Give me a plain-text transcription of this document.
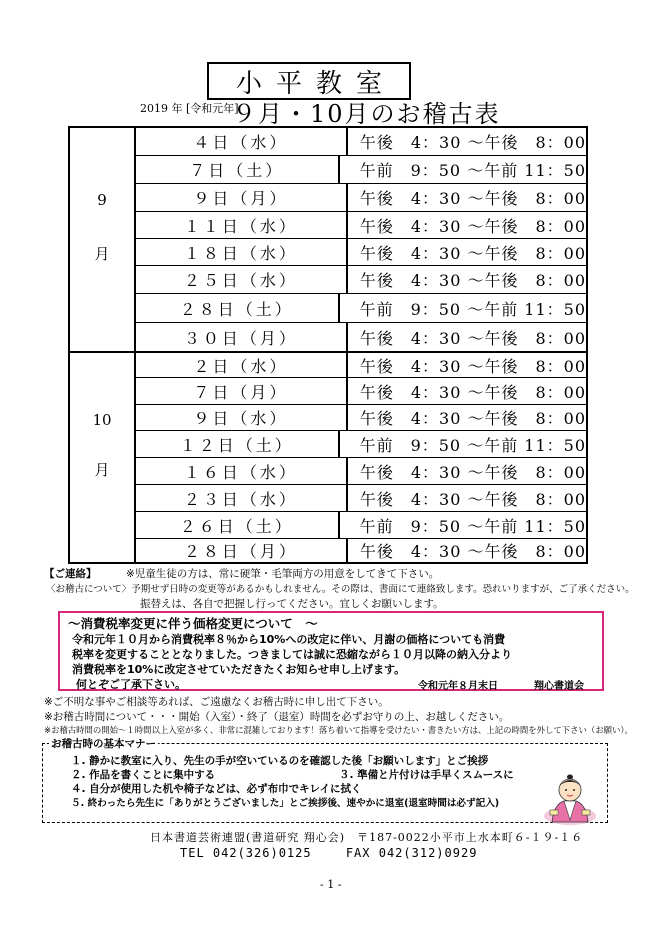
小平教室
2019 年 [令和元年]
９月・10月のお稽古表
9
月
４日（水）	午後　4：30 〜午後　8：00
７日（土）	午前　9：50 〜午前 11：50
９日（月）	午後　4：30 〜午後　8：00
１１日（水）	午後　4：30 〜午後　8：00
１８日（水）	午後　4：30 〜午後　8：00
２５日（水）	午後　4：30 〜午後　8：00
２８日（土）	午前　9：50 〜午前 11：50
３０日（月）	午後　4：30 〜午後　8：00
10
月
２日（水）	午後　4：30 〜午後　8：00
７日（月）	午後　4：30 〜午後　8：00
９日（水）	午後　4：30 〜午後　8：00
１２日（土）	午前　9：50 〜午前 11：50
１６日（水）	午後　4：30 〜午後　8：00
２３日（水）	午後　4：30 〜午後　8：00
２６日（土）	午前　9：50 〜午前 11：50
２８日（月）	午後　4：30 〜午後　8：00
【ご連絡】	※児童生徒の方は、常に硬筆・毛筆両方の用意をしてきて下さい。
〈お稽古について〉予期せず日時の変更等があるかもしれません。その際は、書面にて連絡致します。恐れいりますが、ご了承ください。
振替えは、各自で把握し行ってください。宜しくお願いします。
〜消費税率変更に伴う価格変更について　〜
令和元年１０月から消費税率８％から10%への改定に伴い、月謝の価格についても消費
税率を変更することとなりました。つきましては誠に恐縮ながら１０月以降の納入分より
消費税率を10%に改定させていただきたくお知らせ申し上げます。
何とぞご了承下さい。	令和元年８月末日	翔心書道会
※ご不明な事やご相談等あれば、ご遠慮なくお稽古時に申し出て下さい。
※お稽古時間について・・・開始（入室）・終了（退室）時間を必ずお守りの上、お越しください。
※お稽古時間の開始〜１時間以上入室が多く、非常に混雑しております！落ち着いて指導を受けたい・書きたい方は、上記の時間を外して下さい（お願い）。
お稽古時の基本マナー
１. 静かに教室に入り、先生の手が空いているのを確認した後「お願いします」とご挨拶
２. 作品を書くことに集中する	３. 準備と片付けは手早くスムースに
４. 自分が使用した机や椅子などは、必ず布巾でキレイに拭く
５. 終わったら先生に「ありがとうございました」とご挨拶後、速やかに退室(退室時間は必ず記入)
日本書道芸術連盟(書道研究 翔心会)　〒187-0022小平市上水本町６-１９-１６
TEL 042(326)0125　　 FAX 042(312)0929
- 1 -
